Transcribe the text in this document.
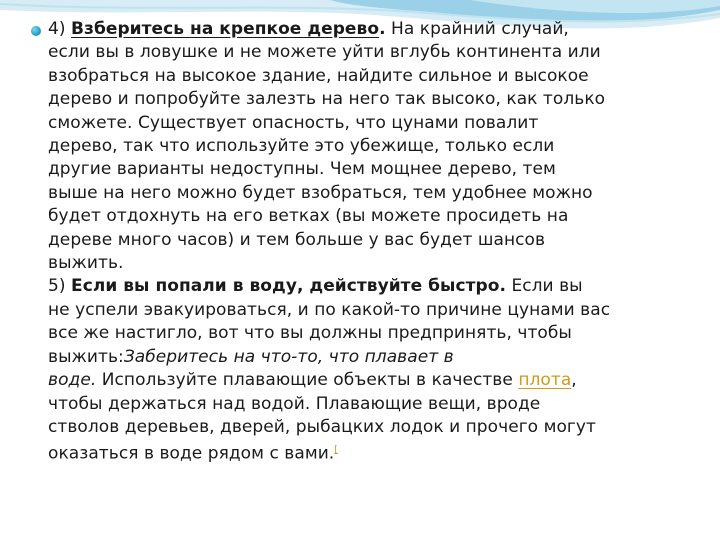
4) Взберитесь на крепкое дерево. На крайний случай,
если вы в ловушке и не можете уйти вглубь континента или
взобраться на высокое здание, найдите сильное и высокое
дерево и попробуйте залезть на него так высоко, как только
сможете. Существует опасность, что цунами повалит
дерево, так что используйте это убежище, только если
другие варианты недоступны. Чем мощнее дерево, тем
выше на него можно будет взобраться, тем удобнее можно
будет отдохнуть на его ветках (вы можете просидеть на
дереве много часов) и тем больше у вас будет шансов
выжить.
5) Если вы попали в воду, действуйте быстро. Если вы
не успели эвакуироваться, и по какой-то причине цунами вас
все же настигло, вот что вы должны предпринять, чтобы
выжить:Заберитесь на что-то, что плавает в
воде. Используйте плавающие объекты в качестве плота,
чтобы держаться над водой. Плавающие вещи, вроде
стволов деревьев, дверей, рыбацких лодок и прочего могут
оказаться в воде рядом с вами.[
